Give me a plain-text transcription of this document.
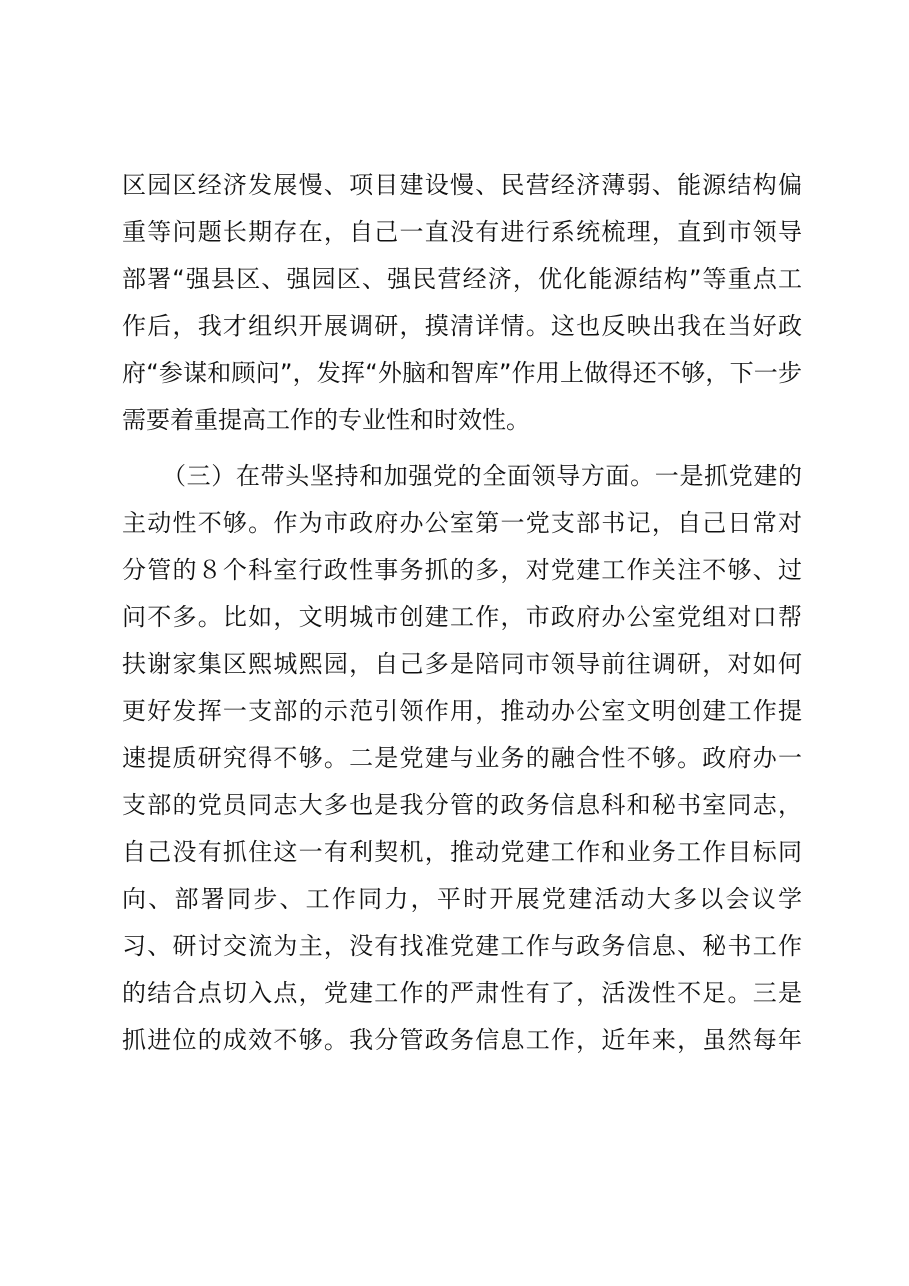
区园区经济发展慢、项目建设慢、民营经济薄弱、能源结构偏
重等问题长期存在，自己一直没有进行系统梳理，直到市领导
部署“强县区、强园区、强民营经济，优化能源结构”等重点工
作后，我才组织开展调研，摸清详情。这也反映出我在当好政
府“参谋和顾问”，发挥“外脑和智库”作用上做得还不够，下一步
需要着重提高工作的专业性和时效性。
（三）在带头坚持和加强党的全面领导方面。一是抓党建的
主动性不够。作为市政府办公室第一党支部书记，自己日常对
分管的８个科室行政性事务抓的多，对党建工作关注不够、过
问不多。比如，文明城市创建工作，市政府办公室党组对口帮
扶谢家集区熙城熙园，自己多是陪同市领导前往调研，对如何
更好发挥一支部的示范引领作用，推动办公室文明创建工作提
速提质研究得不够。二是党建与业务的融合性不够。政府办一
支部的党员同志大多也是我分管的政务信息科和秘书室同志，
自己没有抓住这一有利契机，推动党建工作和业务工作目标同
向、部署同步、工作同力，平时开展党建活动大多以会议学
习、研讨交流为主，没有找准党建工作与政务信息、秘书工作
的结合点切入点，党建工作的严肃性有了，活泼性不足。三是
抓进位的成效不够。我分管政务信息工作，近年来，虽然每年
